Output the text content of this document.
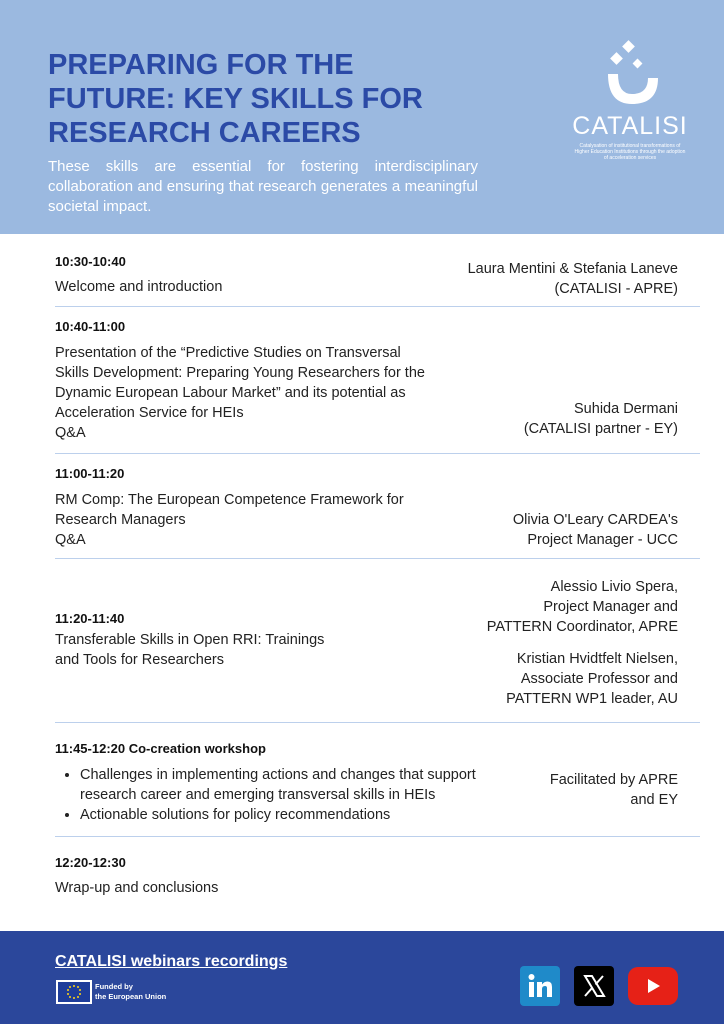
PREPARING FOR THE FUTURE: KEY SKILLS FOR RESEARCH CAREERS

These skills are essential for fostering interdisciplinary collaboration and ensuring that research generates a meaningful societal impact.

CATALISI
Catalysation of institutional transformations of Higher Education Institutions through the adoption of acceleration services
10:30-10:40
Welcome and introduction

Laura Mentini & Stefania Laneve

(CATALISI - APRE)

10:40-11:00
Presentation of the “Predictive Studies on Transversal
Skills Development: Preparing Young Researchers for the
Dynamic European Labour Market” and its potential as
Acceleration Service for HEIs
Q&A

Suhida Dermani

(CATALISI partner - EY)

11:00-11:20
RM Comp: The European Competence Framework for
Research Managers
Q&A

Olivia O'Leary CARDEA's

Project Manager - UCC

11:20-11:40
Transferable Skills in Open RRI: Trainings
and Tools for Researchers

Alessio Livio Spera,

Project Manager and

PATTERN Coordinator, APRE

Kristian Hvidtfelt Nielsen,

Associate Professor and

PATTERN WP1 leader, AU

11:45-12:20 Co-creation workshop
• Challenges in implementing actions and changes that support research career and emerging transversal skills in HEIs
• Actionable solutions for policy recommendations

Facilitated by APRE

and EY

12:20-12:30
Wrap-up and conclusions
CATALISI webinars recordings
Funded by
the European Union
